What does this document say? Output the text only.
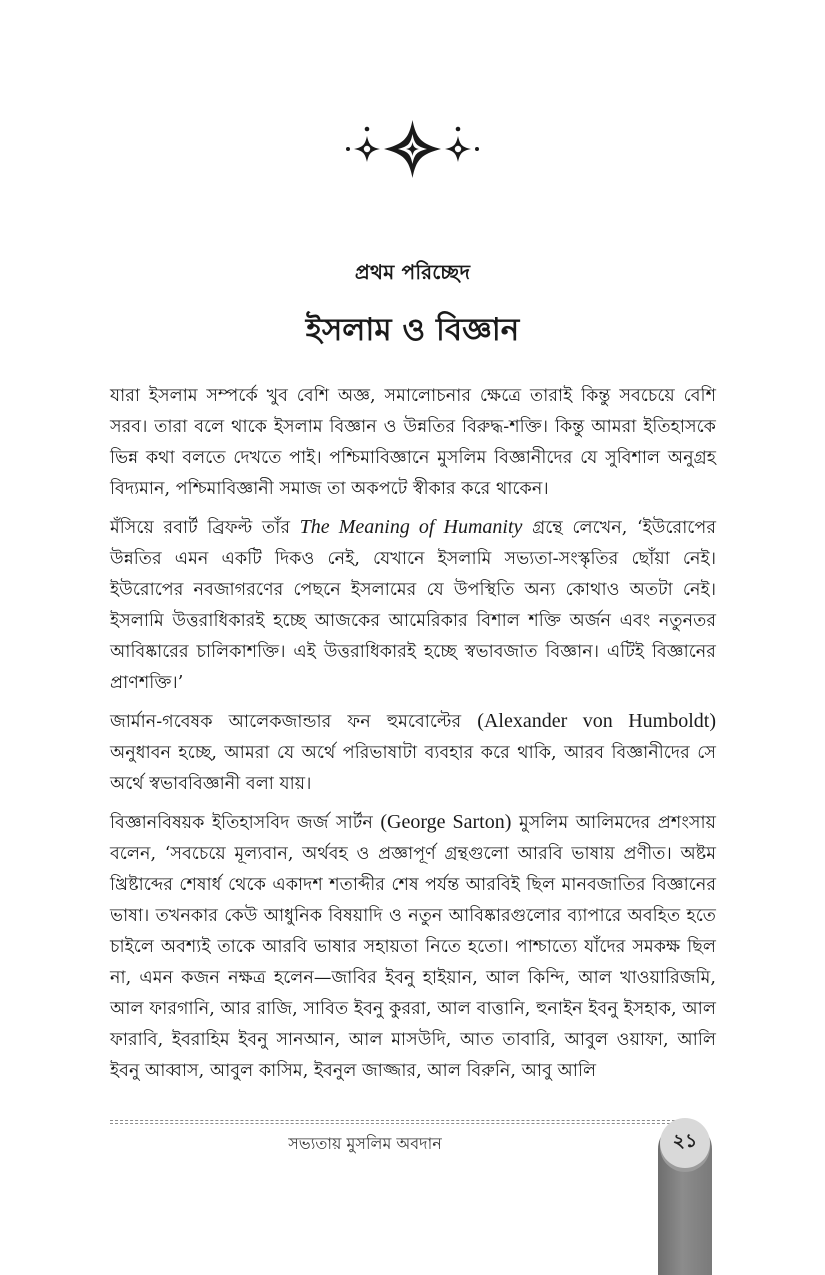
প্রথম পরিচ্ছেদ
ইসলাম ও বিজ্ঞান

যারা ইসলাম সম্পর্কে খুব বেশি অজ্ঞ, সমালোচনার ক্ষেত্রে তারাই কিন্তু সবচেয়ে বেশি সরব। তারা বলে থাকে ইসলাম বিজ্ঞান ও উন্নতির বিরুদ্ধ-শক্তি। কিন্তু আমরা ইতিহাসকে ভিন্ন কথা বলতে দেখতে পাই। পশ্চিমাবিজ্ঞানে মুসলিম বিজ্ঞানীদের যে সুবিশাল অনুগ্রহ বিদ্যমান, পশ্চিমাবিজ্ঞানী সমাজ তা অকপটে স্বীকার করে থাকেন।

মঁসিয়ে রবার্ট ব্রিফল্ট তাঁর The Meaning of Humanity গ্রন্থে লেখেন, ‘ইউরোপের উন্নতির এমন একটি দিকও নেই, যেখানে ইসলামি সভ্যতা-সংস্কৃতির ছোঁয়া নেই। ইউরোপের নবজাগরণের পেছনে ইসলামের যে উপস্থিতি অন্য কোথাও অতটা নেই। ইসলামি উত্তরাধিকারই হচ্ছে আজকের আমেরিকার বিশাল শক্তি অর্জন এবং নতুনতর আবিষ্কারের চালিকাশক্তি। এই উত্তরাধিকারই হচ্ছে স্বভাবজাত বিজ্ঞান। এটিই বিজ্ঞানের প্রাণশক্তি।’

জার্মান-গবেষক আলেকজান্ডার ফন হুমবোল্টের (Alexander von Humboldt) অনুধাবন হচ্ছে, আমরা যে অর্থে পরিভাষাটা ব্যবহার করে থাকি, আরব বিজ্ঞানীদের সে অর্থে স্বভাববিজ্ঞানী বলা যায়।

বিজ্ঞানবিষয়ক ইতিহাসবিদ জর্জ সার্টন (George Sarton) মুসলিম আলিমদের প্রশংসায় বলেন, ‘সবচেয়ে মূল্যবান, অর্থবহ ও প্রজ্ঞাপূর্ণ গ্রন্থগুলো আরবি ভাষায় প্রণীত। অষ্টম খ্রিষ্টাব্দের শেষার্ধ থেকে একাদশ শতাব্দীর শেষ পর্যন্ত আরবিই ছিল মানবজাতির বিজ্ঞানের ভাষা। তখনকার কেউ আধুনিক বিষয়াদি ও নতুন আবিষ্কারগুলোর ব্যাপারে অবহিত হতে চাইলে অবশ্যই তাকে আরবি ভাষার সহায়তা নিতে হতো। পাশ্চাত্যে যাঁদের সমকক্ষ ছিল না, এমন কজন নক্ষত্র হলেন—জাবির ইবনু হাইয়ান, আল কিন্দি, আল খাওয়ারিজমি, আল ফারগানি, আর রাজি, সাবিত ইবনু কুররা, আল বাত্তানি, হুনাইন ইবনু ইসহাক, আল ফারাবি, ইবরাহিম ইবনু সানআন, আল মাসউদি, আত তাবারি, আবুল ওয়াফা, আলি ইবনু আব্বাস, আবুল কাসিম, ইবনুল জাজ্জার, আল বিরুনি, আবু আলি

সভ্যতায় মুসলিম অবদান	২১
